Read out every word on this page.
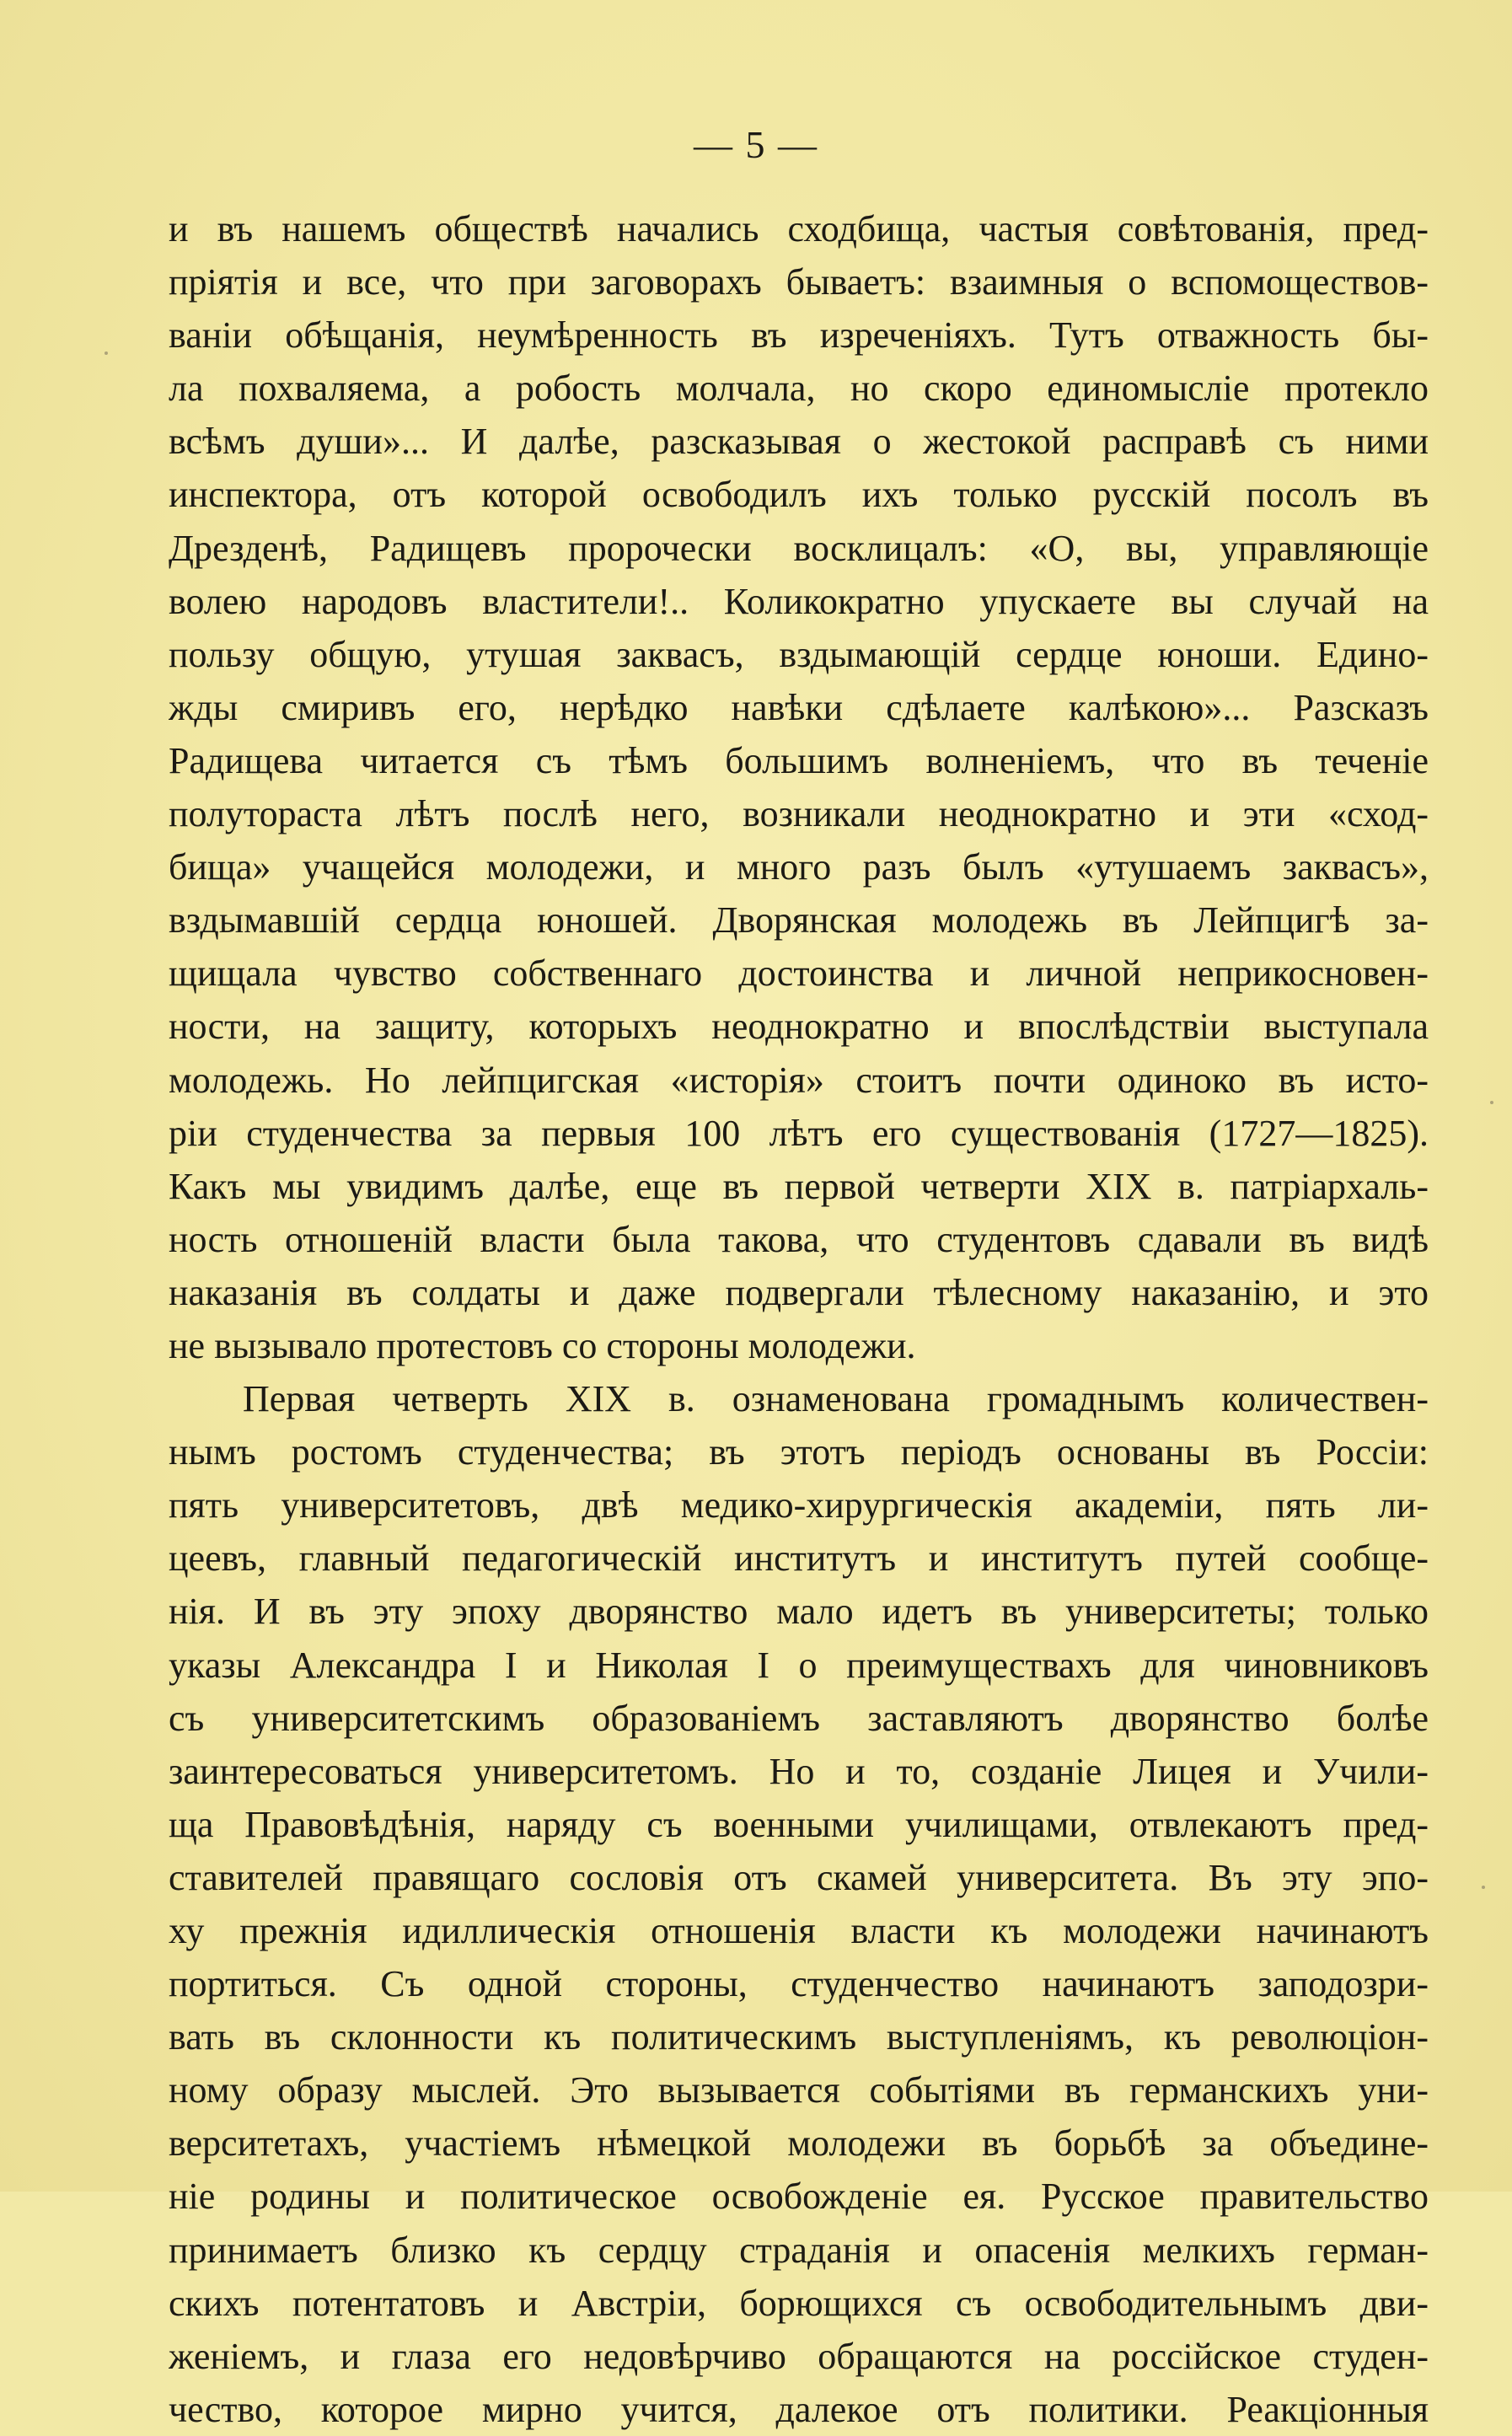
— 5 —
и въ нашемъ обществѣ начались сходбища, частыя совѣтованія, пред-
пріятія и все, что при заговорахъ бываетъ: взаимныя о вспомоществов-
ваніи обѣщанія, неумѣренность въ изреченіяхъ. Тутъ отважность бы-
ла похваляема, а робость молчала, но скоро единомысліе протекло
всѣмъ души»... И далѣе, разсказывая о жестокой расправѣ съ ними
инспектора, отъ которой освободилъ ихъ только русскій посолъ въ
Дрезденѣ, Радищевъ пророчески восклицалъ: «О, вы, управляющіе
волею народовъ властители!.. Коликократно упускаете вы случай на
пользу общую, утушая заквасъ, вздымающій сердце юноши. Едино-
жды смиривъ его, нерѣдко навѣки сдѣлаете калѣкою»... Разсказъ
Радищева читается съ тѣмъ большимъ волненіемъ, что въ теченіе
полутораста лѣтъ послѣ него, возникали неоднократно и эти «сход-
бища» учащейся молодежи, и много разъ былъ «утушаемъ заквасъ»,
вздымавшій сердца юношей. Дворянская молодежь въ Лейпцигѣ за-
щищала чувство собственнаго достоинства и личной неприкосновен-
ности, на защиту, которыхъ неоднократно и впослѣдствіи выступала
молодежь. Но лейпцигская «исторія» стоитъ почти одиноко въ исто-
ріи студенчества за первыя 100 лѣтъ его существованія (1727—1825).
Какъ мы увидимъ далѣе, еще въ первой четверти XIX в. патріархаль-
ность отношеній власти была такова, что студентовъ сдавали въ видѣ
наказанія въ солдаты и даже подвергали тѣлесному наказанію, и это
не вызывало протестовъ со стороны молодежи.
Первая четверть XIX в. ознаменована громаднымъ количествен-
нымъ ростомъ студенчества; въ этотъ періодъ основаны въ Россіи:
пять университетовъ, двѣ медико-хирургическія академіи, пять ли-
цеевъ, главный педагогическій институтъ и институтъ путей сообще-
нія. И въ эту эпоху дворянство мало идетъ въ университеты; только
указы Александра I и Николая I о преимуществахъ для чиновниковъ
съ университетскимъ образованіемъ заставляютъ дворянство болѣе
заинтересоваться университетомъ. Но и то, созданіе Лицея и Учили-
ща Правовѣдѣнія, наряду съ военными училищами, отвлекаютъ пред-
ставителей правящаго сословія отъ скамей университета. Въ эту эпо-
ху прежнія идиллическія отношенія власти къ молодежи начинаютъ
портиться. Съ одной стороны, студенчество начинаютъ заподозри-
вать въ склонности къ политическимъ выступленіямъ, къ революціон-
ному образу мыслей. Это вызывается событіями въ германскихъ уни-
верситетахъ, участіемъ нѣмецкой молодежи въ борьбѣ за объедине-
ніе родины и политическое освобожденіе ея. Русское правительство
принимаетъ близко къ сердцу страданія и опасенія мелкихъ герман-
скихъ потентатовъ и Австріи, борющихся съ освободительнымъ дви-
женіемъ, и глаза его недовѣрчиво обращаются на россійское студен-
чество, которое мирно учится, далекое отъ политики. Реакціонныя
